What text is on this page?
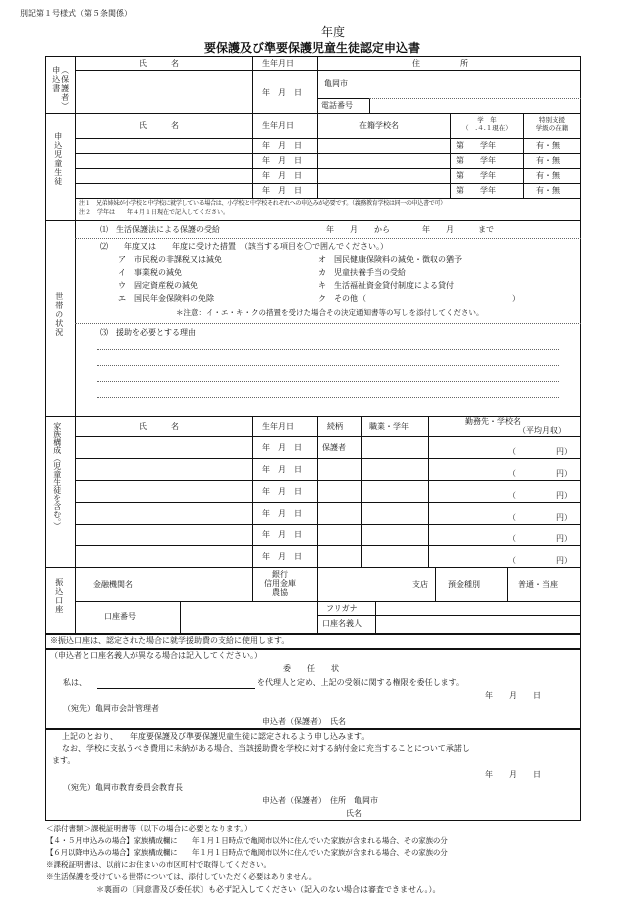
別記第１号様式（第５条関係）
年度
要保護及び準要保護児童生徒認定申込書
（保護者）申込書
氏　　　名	生年月日	住　　　　　所
年　月　日
亀岡市
電話番号
申込児童生徒
氏　　　名	生年月日	在籍学校名
学　年
（　.４.１現在）
特別支援
学級の在籍
年　月　日	第　　学年	有・無
年　月　日	第　　学年	有・無
年　月　日	第　　学年	有・無
年　月　日	第　　学年	有・無
注１　兄弟姉妹が小学校と中学校に就学している場合は、小学校と中学校それぞれへの申込みが必要です。（義務教育学校は同一の申込書で可）
注２　学年は　　年４月１日現在で記入してください。
世帯の状況
⑴　生活保護法による保護の受給	年　　月　　から　　　　年　　月　　　まで
⑵　　年度又は　　年度に受けた措置　（該当する項目を〇で囲んでください。）
ア　市民税の非課税又は減免
イ　事業税の減免
ウ　固定資産税の減免
エ　国民年金保険料の免除
オ　国民健康保険料の減免・徴収の猶予
カ　児童扶養手当の受給
キ　生活福祉資金貸付制度による貸付
ク　その他（	）
＊注意：イ・エ・キ・クの措置を受けた場合その決定通知書等の写しを添付してください。
⑶　援助を必要とする理由
家族構成（児童生徒を含む。）	氏　　　名	生年月日	続柄	職業・学年
勤務先・学校名
（平均月収）
年　月　日	保護者	（	円）
年　月　日	（	円）
年　月　日	（	円）
年　月　日	（	円）
年　月　日	（	円）
年　月　日	（	円）
振込口座	金融機関名
銀行
信用金庫
農協
支店	預金種別	普通・当座
口座番号
フリガナ
口座名義人
※振込口座は、認定された場合に就学援助費の支給に使用します。
（申込者と口座名義人が異なる場合は記入してください。）
委　　任　　状
私は、	を代理人と定め、上記の受領に関する権限を委任します。
年　　月　　日
（宛先）亀岡市会計管理者
申込者（保護者）　氏名
上記のとおり、　　年度要保護及び準要保護児童生徒に認定されるよう申し込みます。
なお、学校に支払うべき費用に未納がある場合、当該援助費を学校に対する納付金に充当することについて承諾し
ます。
年　　月　　日
（宛先）亀岡市教育委員会教育長
申込者（保護者）　住所　亀岡市
氏名
＜添付書類＞課税証明書等（以下の場合に必要となります。）
【４・５月申込みの場合】家族構成欄に　　年１月１日時点で亀岡市以外に住んでいた家族が含まれる場合、その家族の分
【６月以降申込みの場合】家族構成欄に　　年１月１日時点で亀岡市以外に住んでいた家族が含まれる場合、その家族の分
※課税証明書は、以前にお住まいの市区町村で取得してください。
※生活保護を受けている世帯については、添付していただく必要はありません。
＊裏面の〔同意書及び委任状〕も必ず記入してください（記入のない場合は審査できません。）。
